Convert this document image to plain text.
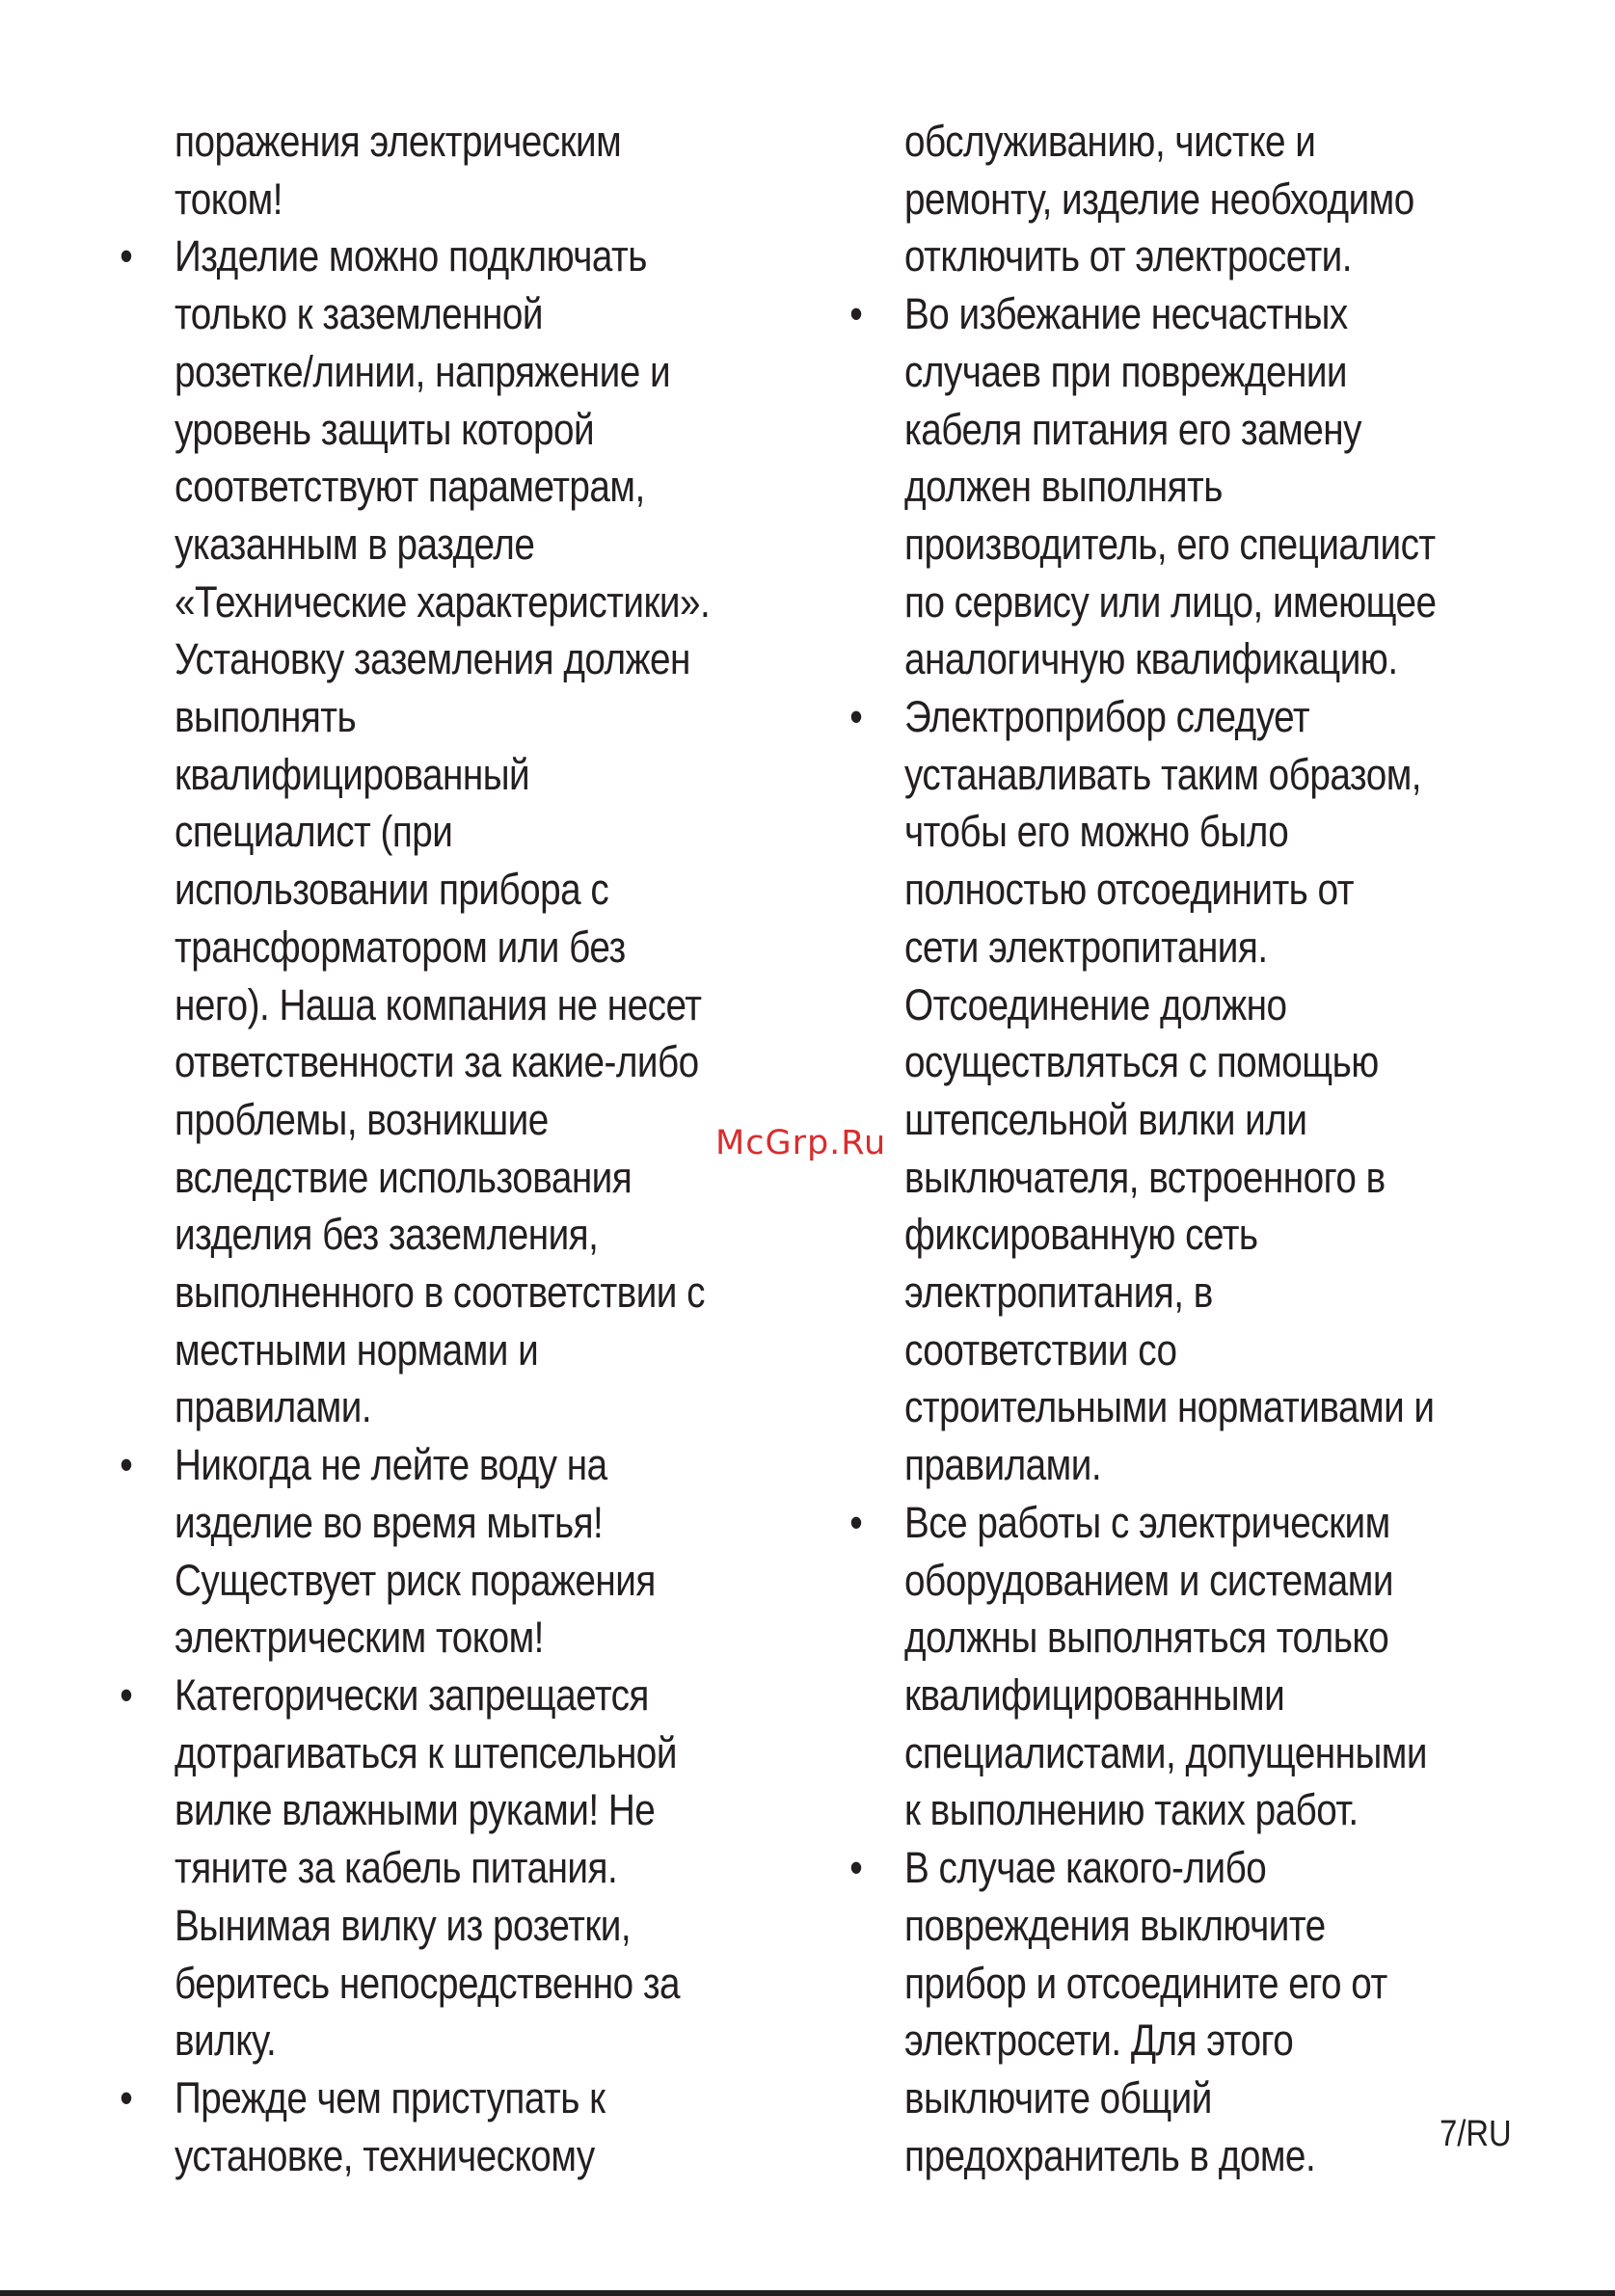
поражения электрическим
током!
• Изделие можно подключать
только к заземленной
розетке/линии, напряжение и
уровень защиты которой
соответствуют параметрам,
указанным в разделе
«Технические характеристики».
Установку заземления должен
выполнять
квалифицированный
специалист (при
использовании прибора с
трансформатором или без
него). Наша компания не несет
ответственности за какие-либо
проблемы, возникшие
вследствие использования
изделия без заземления,
выполненного в соответствии с
местными нормами и
правилами.
• Никогда не лейте воду на
изделие во время мытья!
Существует риск поражения
электрическим током!
• Категорически запрещается
дотрагиваться к штепсельной
вилке влажными руками! Не
тяните за кабель питания.
Вынимая вилку из розетки,
беритесь непосредственно за
вилку.
• Прежде чем приступать к
установке, техническому
обслуживанию, чистке и
ремонту, изделие необходимо
отключить от электросети.
• Во избежание несчастных
случаев при повреждении
кабеля питания его замену
должен выполнять
производитель, его специалист
по сервису или лицо, имеющее
аналогичную квалификацию.
• Электроприбор следует
устанавливать таким образом,
чтобы его можно было
полностью отсоединить от
сети электропитания.
Отсоединение должно
осуществляться с помощью
штепсельной вилки или
выключателя, встроенного в
фиксированную сеть
электропитания, в
соответствии со
строительными нормативами и
правилами.
• Все работы с электрическим
оборудованием и системами
должны выполняться только
квалифицированными
специалистами, допущенными
к выполнению таких работ.
• В случае какого-либо
повреждения выключите
прибор и отсоедините его от
электросети. Для этого
выключите общий
предохранитель в доме.
McGrp.Ru
7/RU
